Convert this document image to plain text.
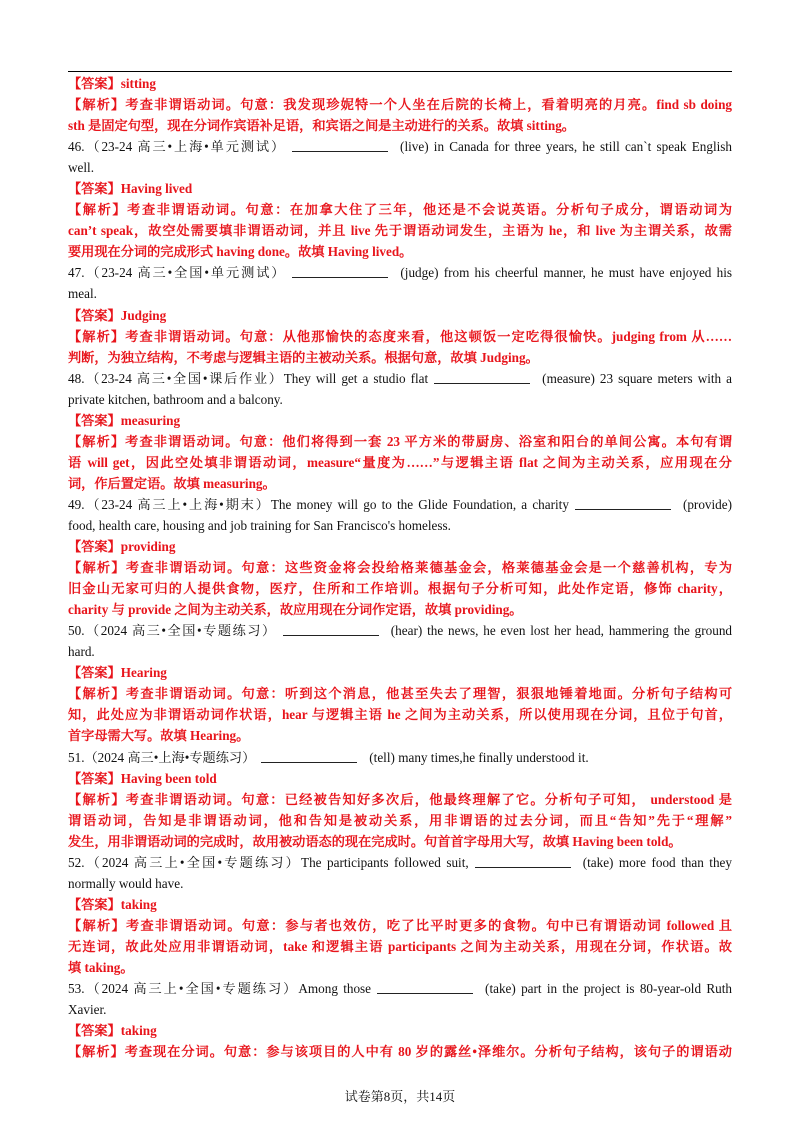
【答案】sitting
【解析】考查非谓语动词。句意：我发现珍妮特一个人坐在后院的长椅上，看着明亮的月亮。find sb doing
sth 是固定句型，现在分词作宾语补足语，和宾语之间是主动进行的关系。故填 sitting。
46.（23-24 高三•上海•单元测试）	(live) in Canada for three years, he still can`t speak English
well.
【答案】Having lived
【解析】考查非谓语动词。句意：在加拿大住了三年，他还是不会说英语。分析句子成分，谓语动词为
can’t speak，故空处需要填非谓语动词，并且 live 先于谓语动词发生，主语为 he，和 live 为主谓关系，故需
要用现在分词的完成形式 having done。故填 Having lived。
47.（23-24 高三•全国•单元测试）	(judge) from his cheerful manner, he must have enjoyed his
meal.
【答案】Judging
【解析】考查非谓语动词。句意：从他那愉快的态度来看，他这顿饭一定吃得很愉快。judging from 从……
判断，为独立结构，不考虑与逻辑主语的主被动关系。根据句意，故填 Judging。
48.（23-24 高三•全国•课后作业）They will get a studio flat	(measure) 23 square meters with a
private kitchen, bathroom and a balcony.
【答案】measuring
【解析】考查非谓语动词。句意：他们将得到一套 23 平方米的带厨房、浴室和阳台的单间公寓。本句有谓
语 will get，因此空处填非谓语动词，measure“量度为……”与逻辑主语 flat 之间为主动关系，应用现在分
词，作后置定语。故填 measuring。
49.（23-24 高三上•上海•期末）The money will go to the Glide Foundation, a charity	(provide)
food, health care, housing and job training for San Francisco's homeless.
【答案】providing
【解析】考查非谓语动词。句意：这些资金将会投给格莱德基金会，格莱德基金会是一个慈善机构，专为
旧金山无家可归的人提供食物，医疗，住所和工作培训。根据句子分析可知，此处作定语，修饰 charity，
charity 与 provide 之间为主动关系，故应用现在分词作定语，故填 providing。
50.（2024 高三•全国•专题练习）	(hear) the news, he even lost her head, hammering the ground
hard.
【答案】Hearing
【解析】考查非谓语动词。句意：听到这个消息，他甚至失去了理智，狠狠地锤着地面。分析句子结构可
知，此处应为非谓语动词作状语，hear 与逻辑主语 he 之间为主动关系，所以使用现在分词，且位于句首，
首字母需大写。故填 Hearing。
51.（2024 高三•上海•专题练习）	(tell) many times,he finally understood it.
【答案】Having been told
【解析】考查非谓语动词。句意：已经被告知好多次后，他最终理解了它。分析句子可知， understood 是
谓语动词，告知是非谓语动词，他和告知是被动关系，用非谓语的过去分词，而且“告知”先于“理解”
发生，用非谓语动词的完成时，故用被动语态的现在完成时。句首首字母用大写，故填 Having been told。
52.（2024 高三上•全国•专题练习）The participants followed suit,	(take) more food than they
normally would have.
【答案】taking
【解析】考查非谓语动词。句意：参与者也效仿，吃了比平时更多的食物。句中已有谓语动词 followed 且
无连词，故此处应用非谓语动词，take 和逻辑主语 participants 之间为主动关系，用现在分词，作状语。故
填 taking。
53.（2024 高三上•全国•专题练习）Among those	(take) part in the project is 80-year-old Ruth
Xavier.
【答案】taking
【解析】考查现在分词。句意：参与该项目的人中有 80 岁的露丝•泽维尔。分析句子结构，该句子的谓语动
试卷第8页，共14页
